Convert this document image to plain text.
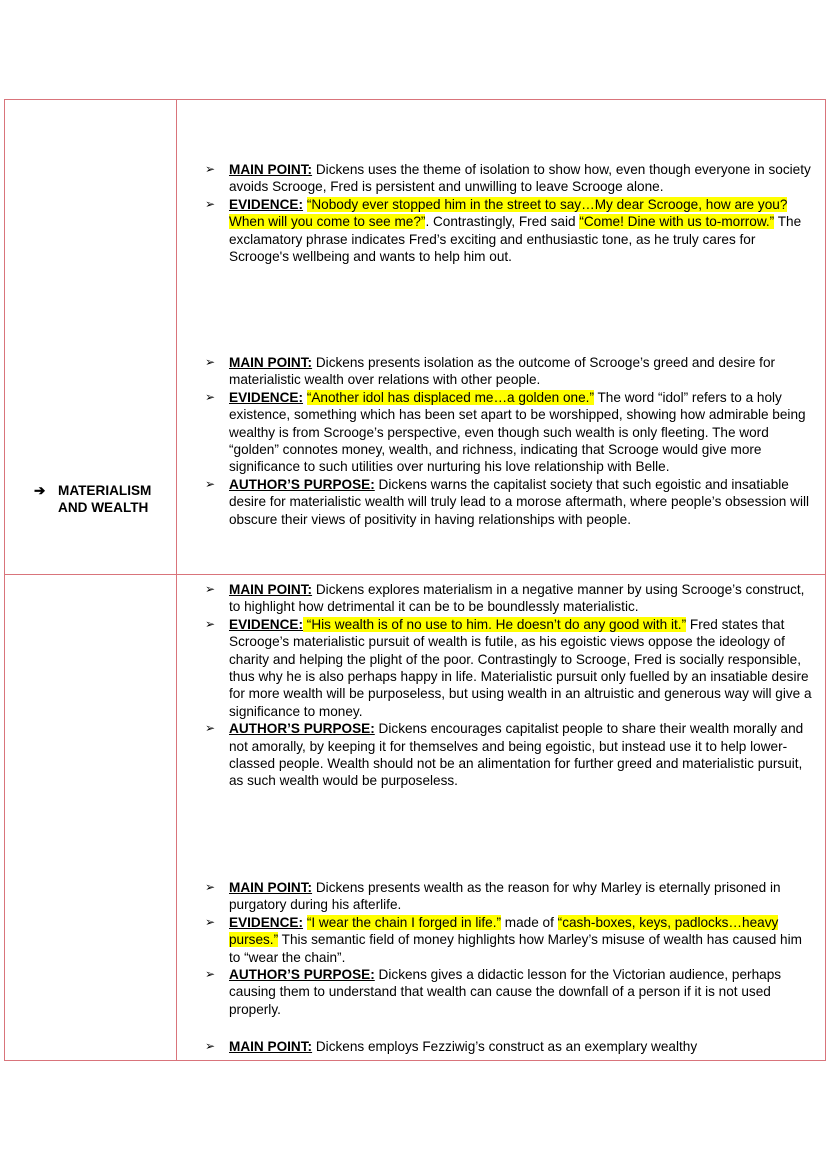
➔ MATERIALISM AND WEALTH
➢ MAIN POINT: Dickens uses the theme of isolation to show how, even though everyone in society avoids Scrooge, Fred is persistent and unwilling to leave Scrooge alone.
➢ EVIDENCE: “Nobody ever stopped him in the street to say…My dear Scrooge, how are you?When will you come to see me?”. Contrastingly, Fred said “Come! Dine with us to-morrow.” The exclamatory phrase indicates Fred’s exciting and enthusiastic tone, as he truly cares for Scrooge's wellbeing and wants to help him out.
➢ MAIN POINT: Dickens presents isolation as the outcome of Scrooge’s greed and desire for materialistic wealth over relations with other people.
➢ EVIDENCE: “Another idol has displaced me…a golden one.” The word “idol” refers to a holy existence, something which has been set apart to be worshipped, showing how admirable being wealthy is from Scrooge’s perspective, even though such wealth is only fleeting. The word “golden” connotes money, wealth, and richness, indicating that Scrooge would give more significance to such utilities over nurturing his love relationship with Belle.
➢ AUTHOR’S PURPOSE: Dickens warns the capitalist society that such egoistic and insatiable desire for materialistic wealth will truly lead to a morose aftermath, where people’s obsession will obscure their views of positivity in having relationships with people.
➢ MAIN POINT: Dickens explores materialism in a negative manner by using Scrooge’s construct, to highlight how detrimental it can be to be boundlessly materialistic.
➢ EVIDENCE: “His wealth is of no use to him. He doesn’t do any good with it.” Fred states that Scrooge’s materialistic pursuit of wealth is futile, as his egoistic views oppose the ideology of charity and helping the plight of the poor. Contrastingly to Scrooge, Fred is socially responsible, thus why he is also perhaps happy in life. Materialistic pursuit only fuelled by an insatiable desire for more wealth will be purposeless, but using wealth in an altruistic and generous way will give a significance to money.
➢ AUTHOR’S PURPOSE: Dickens encourages capitalist people to share their wealth morally and not amorally, by keeping it for themselves and being egoistic, but instead use it to help lower-classed people. Wealth should not be an alimentation for further greed and materialistic pursuit, as such wealth would be purposeless.
➢ MAIN POINT: Dickens presents wealth as the reason for why Marley is eternally prisoned in purgatory during his afterlife.
➢ EVIDENCE: “I wear the chain I forged in life.” made of “cash-boxes, keys, padlocks…heavy purses.” This semantic field of money highlights how Marley’s misuse of wealth has caused him to “wear the chain”.
➢ AUTHOR’S PURPOSE: Dickens gives a didactic lesson for the Victorian audience, perhaps causing them to understand that wealth can cause the downfall of a person if it is not used properly.
➢ MAIN POINT: Dickens employs Fezziwig’s construct as an exemplary wealthy
